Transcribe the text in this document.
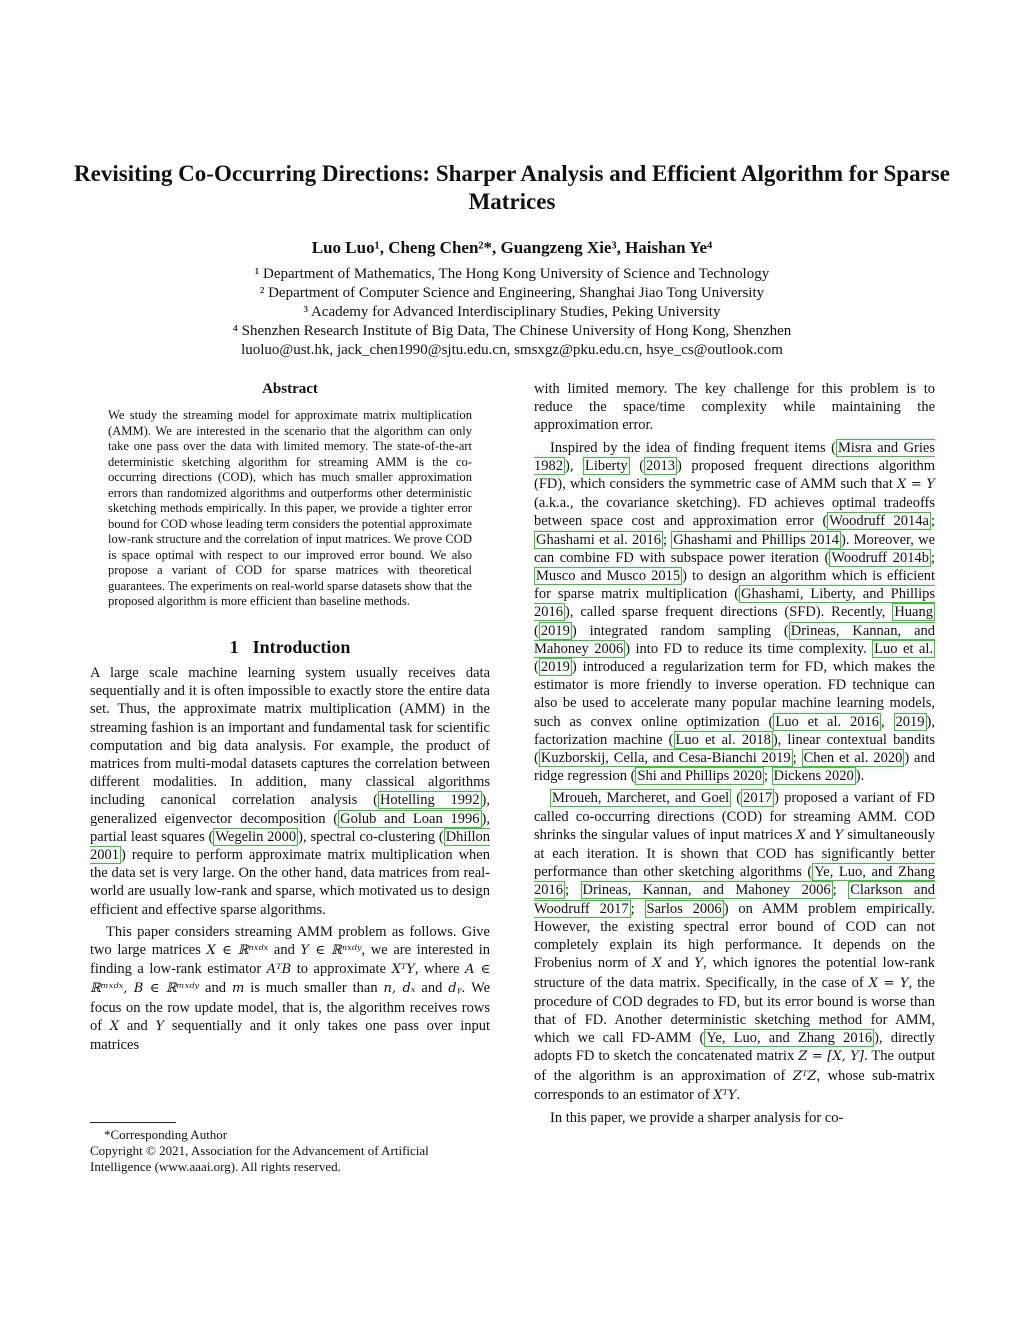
Revisiting Co-Occurring Directions: Sharper Analysis and Efficient Algorithm for Sparse Matrices
Luo Luo¹, Cheng Chen²*, Guangzeng Xie³, Haishan Ye⁴
¹ Department of Mathematics, The Hong Kong University of Science and Technology
² Department of Computer Science and Engineering, Shanghai Jiao Tong University
³ Academy for Advanced Interdisciplinary Studies, Peking University
⁴ Shenzhen Research Institute of Big Data, The Chinese University of Hong Kong, Shenzhen
luoluo@ust.hk, jack_chen1990@sjtu.edu.cn, smsxgz@pku.edu.cn, hsye_cs@outlook.com
Abstract
We study the streaming model for approximate matrix multiplication (AMM). We are interested in the scenario that the algorithm can only take one pass over the data with limited memory. The state-of-the-art deterministic sketching algorithm for streaming AMM is the co-occurring directions (COD), which has much smaller approximation errors than randomized algorithms and outperforms other deterministic sketching methods empirically. In this paper, we provide a tighter error bound for COD whose leading term considers the potential approximate low-rank structure and the correlation of input matrices. We prove COD is space optimal with respect to our improved error bound. We also propose a variant of COD for sparse matrices with theoretical guarantees. The experiments on real-world sparse datasets show that the proposed algorithm is more efficient than baseline methods.
1 Introduction

A large scale machine learning system usually receives data sequentially and it is often impossible to exactly store the entire data set. Thus, the approximate matrix multiplication (AMM) in the streaming fashion is an important and fundamental task for scientific computation and big data analysis. For example, the product of matrices from multi-modal datasets captures the correlation between different modalities. In addition, many classical algorithms including canonical correlation analysis ( Hotelling 1992 ), generalized eigenvector decomposition ( Golub and Loan 1996 ), partial least squares ( Wegelin 2000 ), spectral co-clustering ( Dhillon 2001 ) require to perform approximate matrix multiplication when the data set is very large. On the other hand, data matrices from real-world are usually low-rank and sparse, which motivated us to design efficient and effective sparse algorithms.

This paper considers streaming AMM problem as follows. Give two large matrices X ∈ ℝⁿˣᵈˣ and Y ∈ ℝⁿˣᵈʸ, we are interested in finding a low-rank estimator AᵀB to approximate XᵀY, where A ∈ ℝᵐˣᵈˣ, B ∈ ℝᵐˣᵈʸ and m is much smaller than n, dₓ and dᵧ. We focus on the row update model, that is, the algorithm receives rows of X and Y sequentially and it only takes one pass over input matrices

*Corresponding Author

Copyright © 2021, Association for the Advancement of Artificial Intelligence (www.aaai.org). All rights reserved.

with limited memory. The key challenge for this problem is to reduce the space/time complexity while maintaining the approximation error.

Inspired by the idea of finding frequent items ( Misra and Gries 1982 ), Liberty ( 2013 ) proposed frequent directions algorithm (FD), which considers the symmetric case of AMM such that X = Y (a.k.a., the covariance sketching). FD achieves optimal tradeoffs between space cost and approximation error ( Woodruff 2014a ; Ghashami et al. 2016 ; Ghashami and Phillips 2014 ). Moreover, we can combine FD with subspace power iteration ( Woodruff 2014b ; Musco and Musco 2015 ) to design an algorithm which is efficient for sparse matrix multiplication ( Ghashami, Liberty, and Phillips 2016 ), called sparse frequent directions (SFD). Recently, Huang ( 2019 ) integrated random sampling ( Drineas, Kannan, and Mahoney 2006 ) into FD to reduce its time complexity. Luo et al. ( 2019 ) introduced a regularization term for FD, which makes the estimator is more friendly to inverse operation. FD technique can also be used to accelerate many popular machine learning models, such as convex online optimization ( Luo et al. 2016 , 2019 ), factorization machine ( Luo et al. 2018 ), linear contextual bandits ( Kuzborskij, Cella, and Cesa-Bianchi 2019 ; Chen et al. 2020 ) and ridge regression ( Shi and Phillips 2020 ; Dickens 2020 ).

Mroueh, Marcheret, and Goel ( 2017 ) proposed a variant of FD called co-occurring directions (COD) for streaming AMM. COD shrinks the singular values of input matrices X and Y simultaneously at each iteration. It is shown that COD has significantly better performance than other sketching algorithms ( Ye, Luo, and Zhang 2016 ; Drineas, Kannan, and Mahoney 2006 ; Clarkson and Woodruff 2017 ; Sarlos 2006 ) on AMM problem empirically. However, the existing spectral error bound of COD can not completely explain its high performance. It depends on the Frobenius norm of X and Y, which ignores the potential low-rank structure of the data matrix. Specifically, in the case of X = Y, the procedure of COD degrades to FD, but its error bound is worse than that of FD. Another deterministic sketching method for AMM, which we call FD-AMM ( Ye, Luo, and Zhang 2016 ), directly adopts FD to sketch the concatenated matrix Z = [X, Y]. The output of the algorithm is an approximation of ZᵀZ, whose sub-matrix corresponds to an estimator of XᵀY.

In this paper, we provide a sharper analysis for co-
